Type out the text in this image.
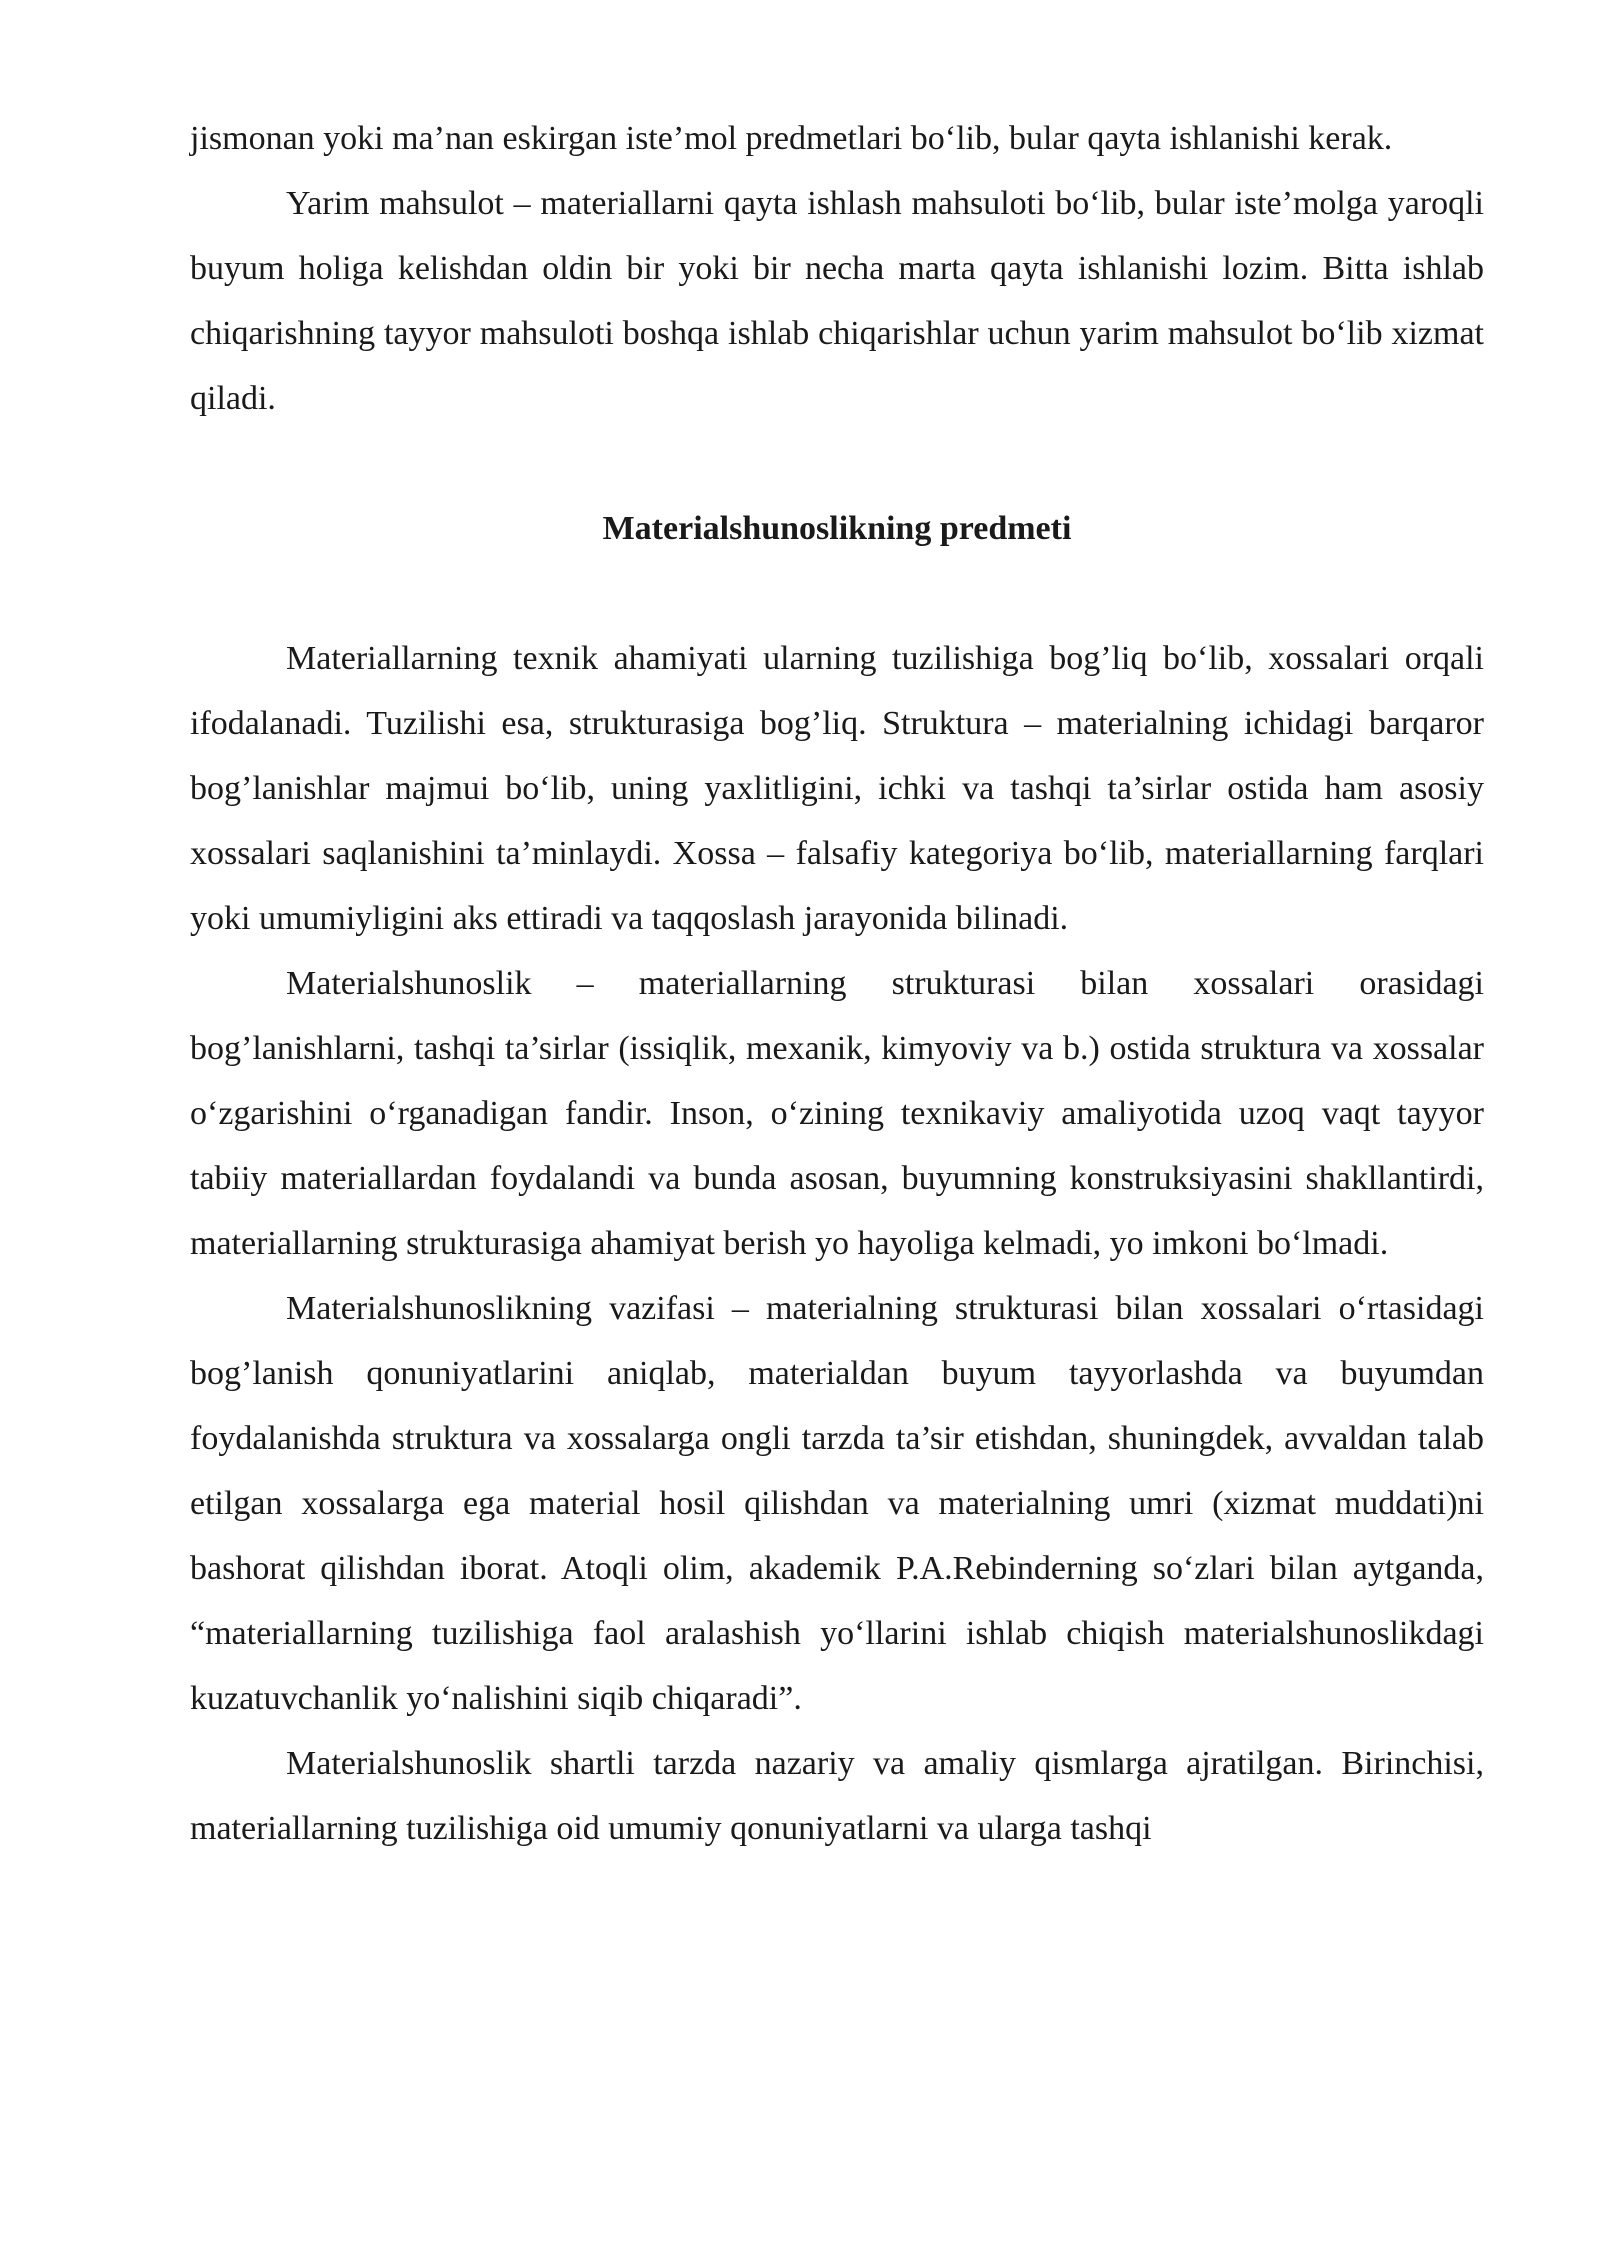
jismonan yoki ma’nan eskirgan iste’mol predmetlari bo‘lib, bular qayta ishlanishi kerak.

Yarim mahsulot – materiallarni qayta ishlash mahsuloti bo‘lib, bular iste’molga yaroqli buyum holiga kelishdan oldin bir yoki bir necha marta qayta ishlanishi lozim. Bitta ishlab chiqarishning tayyor mahsuloti boshqa ishlab chiqarishlar uchun yarim mahsulot bo‘lib xizmat qiladi.

Materialshunoslikning predmeti

Materiallarning texnik ahamiyati ularning tuzilishiga bog’liq bo‘lib, xossalari orqali ifodalanadi. Tuzilishi esa, strukturasiga bog’liq. Struktura – materialning ichidagi barqaror bog’lanishlar majmui bo‘lib, uning yaxlitligini, ichki va tashqi ta’sirlar ostida ham asosiy xossalari saqlanishini ta’minlaydi. Xossa – falsafiy kategoriya bo‘lib, materiallarning farqlari yoki umumiyligini aks ettiradi va taqqoslash jarayonida bilinadi.

Materialshunoslik – materiallarning strukturasi bilan xossalari orasidagi bog’lanishlarni, tashqi ta’sirlar (issiqlik, mexanik, kimyoviy va b.) ostida struktura va xossalar o‘zgarishini o‘rganadigan fandir. Inson, o‘zining texnikaviy amaliyotida uzoq vaqt tayyor tabiiy materiallardan foydalandi va bunda asosan, buyumning konstruksiyasini shakllantirdi, materiallarning strukturasiga ahamiyat berish yo hayoliga kelmadi, yo imkoni bo‘lmadi.

Materialshunoslikning vazifasi – materialning strukturasi bilan xossalari o‘rtasidagi bog’lanish qonuniyatlarini aniqlab, materialdan buyum tayyorlashda va buyumdan foydalanishda struktura va xossalarga ongli tarzda ta’sir etishdan, shuningdek, avvaldan talab etilgan xossalarga ega material hosil qilishdan va materialning umri (xizmat muddati)ni bashorat qilishdan iborat. Atoqli olim, akademik P.A.Rebinderning so‘zlari bilan aytganda, “materiallarning tuzilishiga faol aralashish yo‘llarini ishlab chiqish materialshunoslikdagi kuzatuvchanlik yo‘nalishini siqib chiqaradi”.

Materialshunoslik shartli tarzda nazariy va amaliy qismlarga ajratilgan. Birinchisi, materiallarning tuzilishiga oid umumiy qonuniyatlarni va ularga tashqi
